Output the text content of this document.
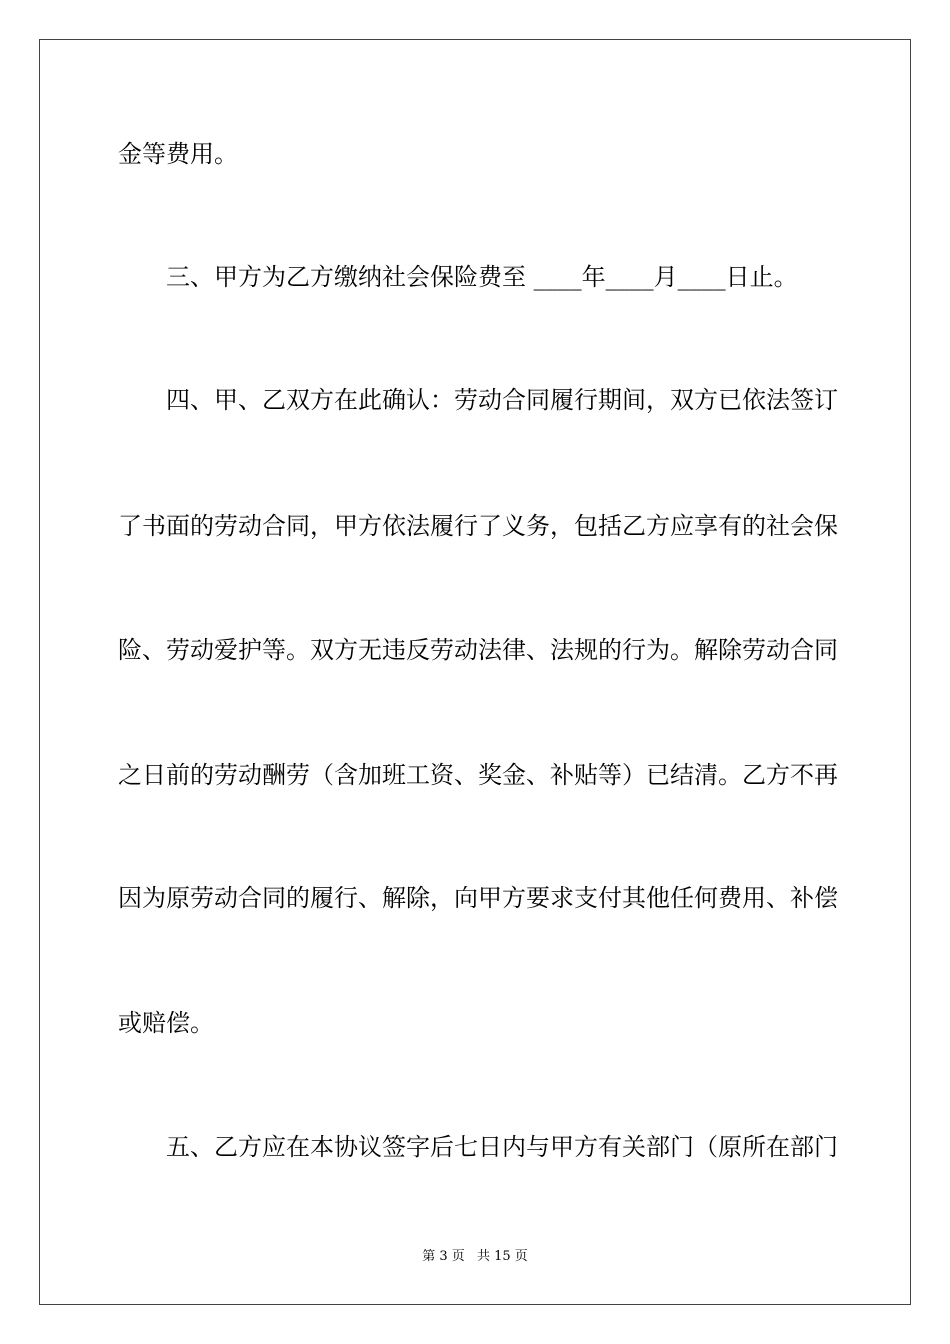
金等费用。
三、甲方为乙方缴纳社会保险费至 ____年____月____日止。
四、甲、乙双方在此确认：劳动合同履行期间，双方已依法签订
了书面的劳动合同，甲方依法履行了义务，包括乙方应享有的社会保
险、劳动爱护等。双方无违反劳动法律、法规的行为。解除劳动合同
之日前的劳动酬劳（含加班工资、奖金、补贴等）已结清。乙方不再
因为原劳动合同的履行、解除，向甲方要求支付其他任何费用、补偿
或赔偿。
五、乙方应在本协议签字后七日内与甲方有关部门（原所在部门
第 3 页 共 15 页
